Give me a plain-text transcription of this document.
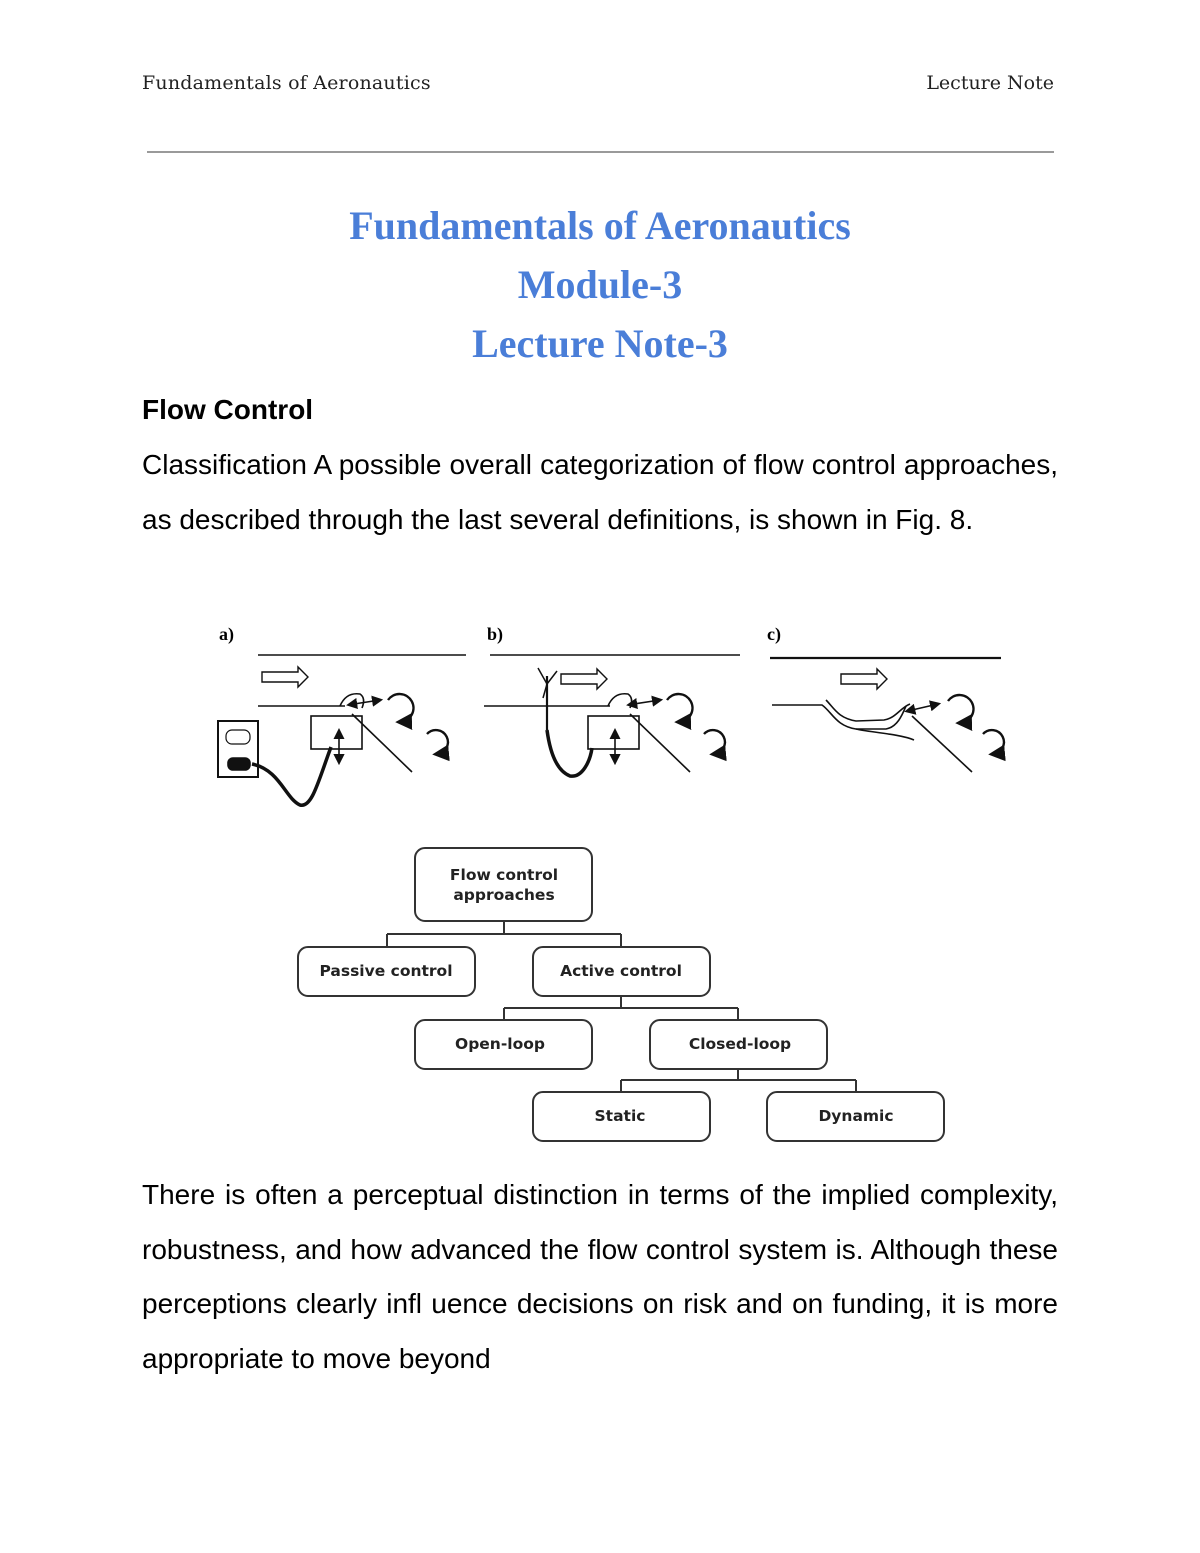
Fundamentals of Aeronautics	Lecture Note
Fundamentals of Aeronautics
Module-3
Lecture Note-3
Flow Control
Classification A possible overall categorization of flow control approaches, as described through the last several definitions, is shown in Fig. 8.
a)	b)	c)
Flow control
approaches
Passive control	Active control
Open-loop	Closed-loop
Static	Dynamic
There is often a perceptual distinction in terms of the implied complexity, robustness, and how advanced the flow control system is. Although these perceptions clearly infl uence decisions on risk and on funding, it is more appropriate to move beyond
